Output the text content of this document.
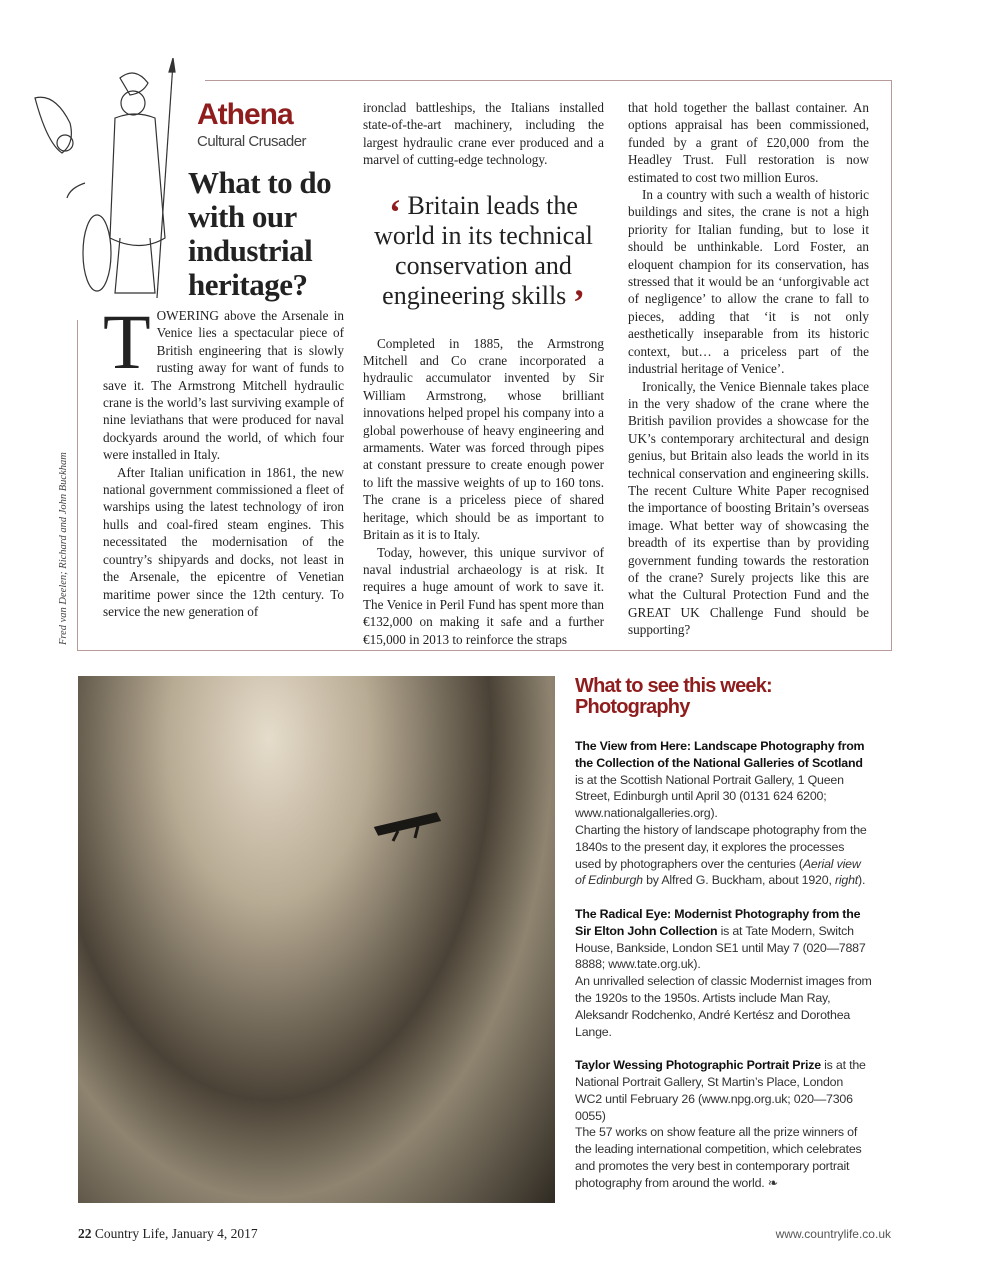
Athena
Cultural Crusader
What to do with our industrial heritage?

TOWERING above the Arsenale in Venice lies a spectacular piece of British engineering that is slowly rusting away for want of funds to save it. The Armstrong Mitchell hydraulic crane is the world’s last surviving example of nine leviathans that were produced for naval dockyards around the world, of which four were installed in Italy.

After Italian unification in 1861, the new national government commissioned a fleet of warships using the latest technology of iron hulls and coal-fired steam engines. This necessitated the modernisation of the country’s shipyards and docks, not least in the Arsenale, the epicentre of Venetian maritime power since the 12th century. To service the new generation of

ironclad battleships, the Italians installed state-of-the-art machinery, including the largest hydraulic crane ever produced and a marvel of cutting-edge technology.

‘ Britain leads the world in its technical conservation and engineering skills ’

Completed in 1885, the Armstrong Mitchell and Co crane incorporated a hydraulic accumulator invented by Sir William Armstrong, whose brilliant innovations helped propel his company into a global powerhouse of heavy engineering and armaments. Water was forced through pipes at constant pressure to create enough power to lift the massive weights of up to 160 tons. The crane is a priceless piece of shared heritage, which should be as important to Britain as it is to Italy.

Today, however, this unique survivor of naval industrial archaeology is at risk. It requires a huge amount of work to save it. The Venice in Peril Fund has spent more than €132,000 on making it safe and a further €15,000 in 2013 to reinforce the straps

that hold together the ballast container. An options appraisal has been commissioned, funded by a grant of £20,000 from the Headley Trust. Full restoration is now estimated to cost two million Euros.

In a country with such a wealth of historic buildings and sites, the crane is not a high priority for Italian funding, but to lose it should be unthinkable. Lord Foster, an eloquent champion for its conservation, has stressed that it would be an ‘unforgivable act of negligence’ to allow the crane to fall to pieces, adding that ‘it is not only aesthetically inseparable from its historic context, but… a priceless part of the industrial heritage of Venice’.

Ironically, the Venice Biennale takes place in the very shadow of the crane where the British pavilion provides a showcase for the UK’s contemporary architectural and design genius, but Britain also leads the world in its technical conservation and engineering skills. The recent Culture White Paper recognised the importance of boosting Britain’s overseas image. What better way of showcasing the breadth of its expertise than by providing government funding towards the restoration of the crane? Surely projects like this are what the Cultural Protection Fund and the GREAT UK Challenge Fund should be supporting?

Fred van Deelen; Richard and John Buckham
What to see this week: Photography
The View from Here: Landscape Photography from the Collection of the National Galleries of Scotland is at the Scottish National Portrait Gallery, 1 Queen Street, Edinburgh until April 30 (0131 624 6200; www.nationalgalleries.org).
Charting the history of landscape photography from the 1840s to the present day, it explores the processes used by photographers over the centuries (Aerial view of Edinburgh by Alfred G. Buckham, about 1920, right).
The Radical Eye: Modernist Photography from the Sir Elton John Collection is at Tate Modern, Switch House, Bankside, London SE1 until May 7 (020—7887 8888; www.tate.org.uk).
An unrivalled selection of classic Modernist images from the 1920s to the 1950s. Artists include Man Ray, Aleksandr Rodchenko, André Kertész and Dorothea Lange.
Taylor Wessing Photographic Portrait Prize is at the National Portrait Gallery, St Martin’s Place, London WC2 until February 26 (www.npg.org.uk; 020—7306 0055)
The 57 works on show feature all the prize winners of the leading international competition, which celebrates and promotes the very best in contemporary portrait photography from around the world. ❧
22 Country Life, January 4, 2017	www.countrylife.co.uk
